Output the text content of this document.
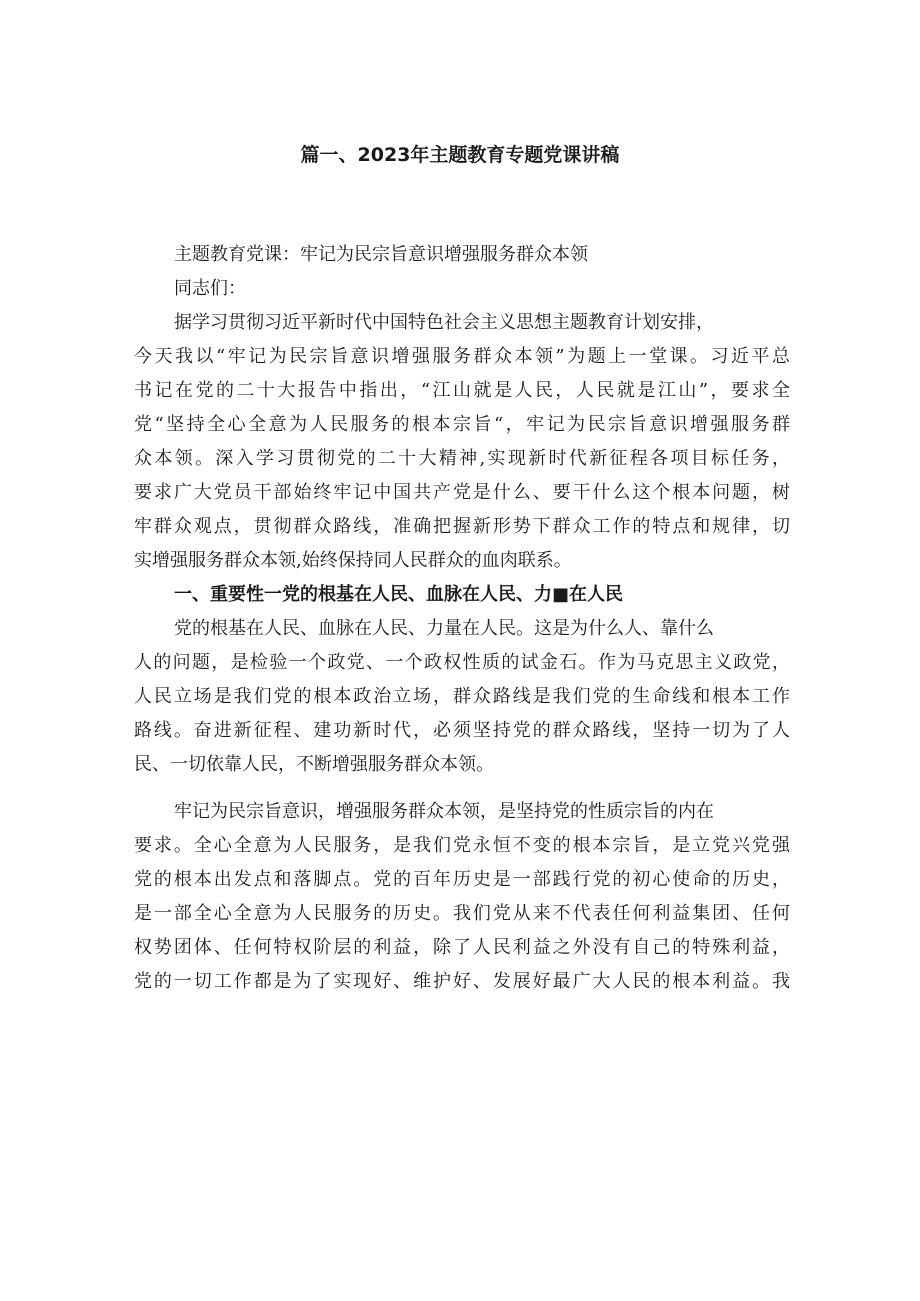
篇一、2023年主题教育专题党课讲稿
主题教育党课：牢记为民宗旨意识增强服务群众本领
同志们：
据学习贯彻习近平新时代中国特色社会主义思想主题教育计划安排，
今天我以“牢记为民宗旨意识增强服务群众本领”为题上一堂课。习近平总
书记在党的二十大报告中指出，“江山就是人民，人民就是江山”，要求全
党“坚持全心全意为人民服务的根本宗旨“，牢记为民宗旨意识增强服务群
众本领。深入学习贯彻党的二十大精神,实现新时代新征程各项目标任务，
要求广大党员干部始终牢记中国共产党是什么、要干什么这个根本问题，树
牢群众观点，贯彻群众路线，准确把握新形势下群众工作的特点和规律，切
实增强服务群众本领,始终保持同人民群众的血肉联系。
一、重要性一党的根基在人民、血脉在人民、力■在人民
党的根基在人民、血脉在人民、力量在人民。这是为什么人、靠什么
人的问题，是检验一个政党、一个政权性质的试金石。作为马克思主义政党，
人民立场是我们党的根本政治立场，群众路线是我们党的生命线和根本工作
路线。奋进新征程、建功新时代，必须坚持党的群众路线，坚持一切为了人
民、一切依靠人民，不断增强服务群众本领。
牢记为民宗旨意识，增强服务群众本领，是坚持党的性质宗旨的内在
要求。全心全意为人民服务，是我们党永恒不变的根本宗旨，是立党兴党强
党的根本出发点和落脚点。党的百年历史是一部践行党的初心使命的历史，
是一部全心全意为人民服务的历史。我们党从来不代表任何利益集团、任何
权势团体、任何特权阶层的利益，除了人民利益之外没有自己的特殊利益，
党的一切工作都是为了实现好、维护好、发展好最广大人民的根本利益。我
